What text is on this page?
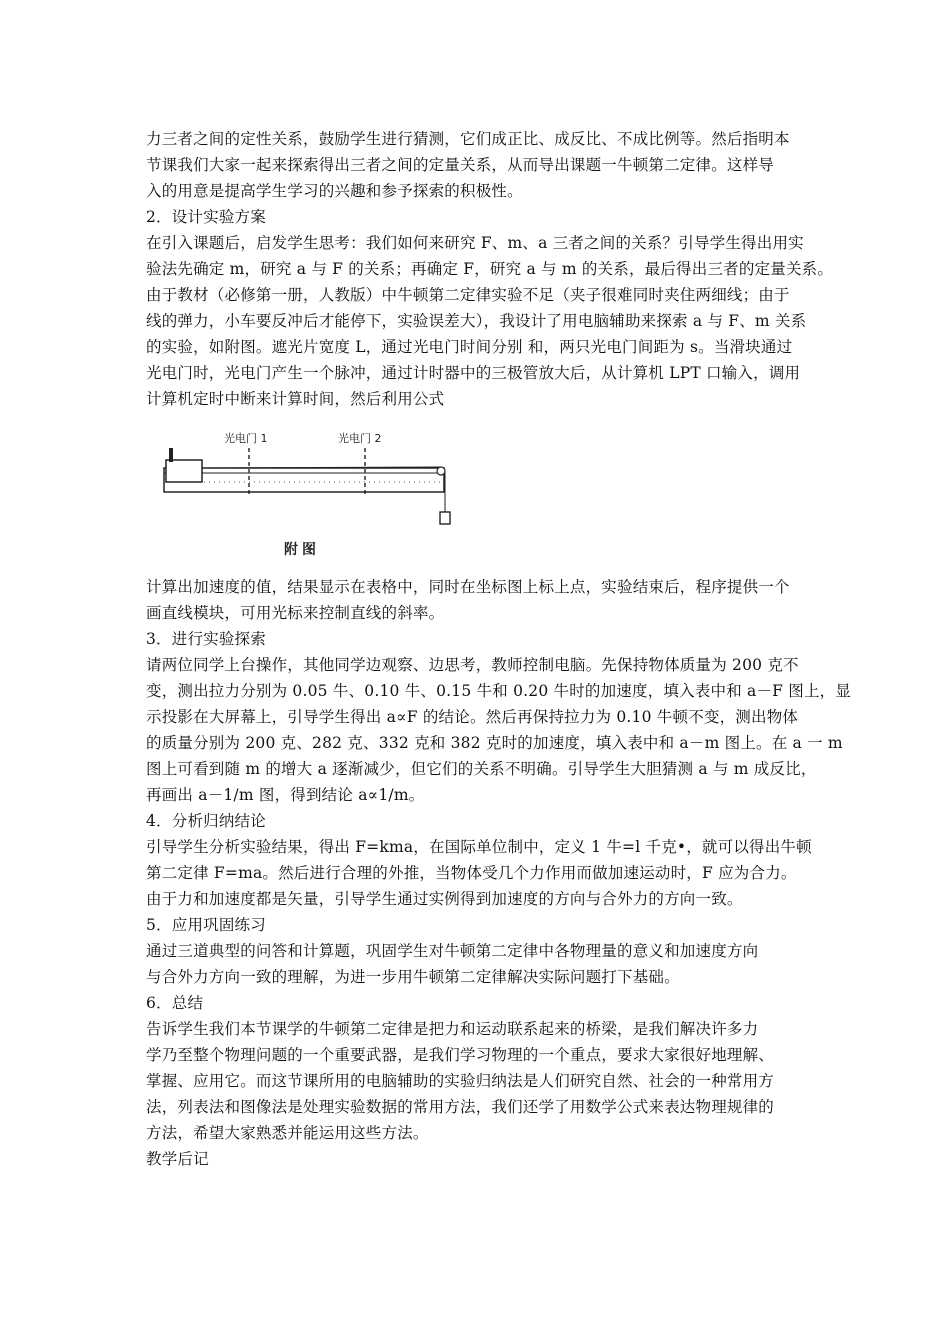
力三者之间的定性关系，鼓励学生进行猜测，它们成正比、成反比、不成比例等。然后指明本
节课我们大家一起来探索得出三者之间的定量关系，从而导出课题一牛顿第二定律。这样导
入的用意是提高学生学习的兴趣和参予探索的积极性。
2．设计实验方案
在引入课题后，启发学生思考：我们如何来研究 F、m、a 三者之间的关系？引导学生得出用实
验法先确定 m，研究 a 与 F 的关系；再确定 F，研究 a 与 m 的关系，最后得出三者的定量关系。
由于教材（必修第一册，人教版）中牛顿第二定律实验不足（夹子很难同时夹住两细线；由于
线的弹力，小车要反冲后才能停下，实验误差大），我设计了用电脑辅助来探索 a 与 F、m 关系
的实验，如附图。遮光片宽度 L，通过光电门时间分别 和，两只光电门间距为 s。当滑块通过
光电门时，光电门产生一个脉冲，通过计时器中的三极管放大后，从计算机 LPT 口输入，调用
计算机定时中断来计算时间，然后利用公式
光电门 1	光电门 2
附图
计算出加速度的值，结果显示在表格中，同时在坐标图上标上点，实验结束后，程序提供一个
画直线模块，可用光标来控制直线的斜率。
3．进行实验探索
请两位同学上台操作，其他同学边观察、边思考，教师控制电脑。先保持物体质量为 200 克不
变，测出拉力分别为 0.05 牛、0.10 牛、0.15 牛和 0.20 牛时的加速度，填入表中和 a－F 图上，显
示投影在大屏幕上，引导学生得出 a∝F 的结论。然后再保持拉力为 0.10 牛顿不变，测出物体
的质量分别为 200 克、282 克、332 克和 382 克时的加速度，填入表中和 a－m 图上。在 a 一 m
图上可看到随 m 的增大 a 逐渐减少，但它们的关系不明确。引导学生大胆猜测 a 与 m 成反比，
再画出 a－1/m 图，得到结论 a∝1/m。
4．分析归纳结论
引导学生分析实验结果，得出 F=kma，在国际单位制中，定义 1 牛=l 千克•，就可以得出牛顿
第二定律 F=ma。然后进行合理的外推，当物体受几个力作用而做加速运动时，F 应为合力。
由于力和加速度都是矢量，引导学生通过实例得到加速度的方向与合外力的方向一致。
5．应用巩固练习
通过三道典型的问答和计算题，巩固学生对牛顿第二定律中各物理量的意义和加速度方向
与合外力方向一致的理解，为进一步用牛顿第二定律解决实际问题打下基础。
6．总结
告诉学生我们本节课学的牛顿第二定律是把力和运动联系起来的桥梁，是我们解决许多力
学乃至整个物理问题的一个重要武器，是我们学习物理的一个重点，要求大家很好地理解、
掌握、应用它。而这节课所用的电脑辅助的实验归纳法是人们研究自然、社会的一种常用方
法，列表法和图像法是处理实验数据的常用方法，我们还学了用数学公式来表达物理规律的
方法，希望大家熟悉并能运用这些方法。
教学后记
